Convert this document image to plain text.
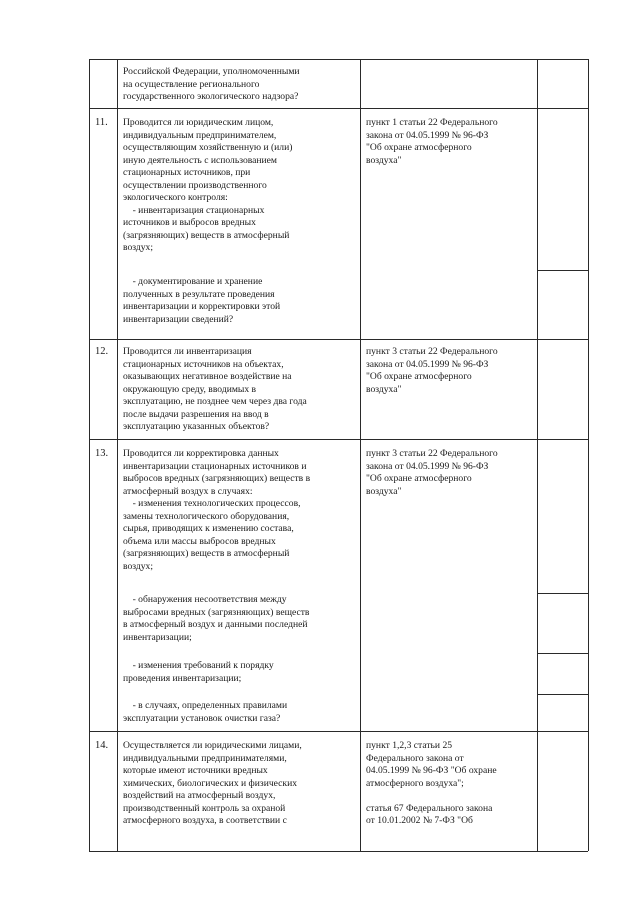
Российской Федерации, уполномоченными
на осуществление регионального
государственного экологического надзора?
11. Проводится ли юридическим лицом,
индивидуальным предпринимателем,
осуществляющим хозяйственную и (или)
иную деятельность с использованием
стационарных источников, при
осуществлении производственного
экологического контроля:
- инвентаризация стационарных
источников и выбросов вредных
(загрязняющих) веществ в атмосферный
воздух;
- документирование и хранение
полученных в результате проведения
инвентаризации и корректировки этой
инвентаризации сведений?
пункт 1 статьи 22 Федерального
закона от 04.05.1999 № 96-ФЗ
"Об охране атмосферного
воздуха"
12. Проводится ли инвентаризация
стационарных источников на объектах,
оказывающих негативное воздействие на
окружающую среду, вводимых в
эксплуатацию, не позднее чем через два года
после выдачи разрешения на ввод в
эксплуатацию указанных объектов?
пункт 3 статьи 22 Федерального
закона от 04.05.1999 № 96-ФЗ
"Об охране атмосферного
воздуха"
13. Проводится ли корректировка данных
инвентаризации стационарных источников и
выбросов вредных (загрязняющих) веществ в
атмосферный воздух в случаях:
- изменения технологических процессов,
замены технологического оборудования,
сырья, приводящих к изменению состава,
объема или массы выбросов вредных
(загрязняющих) веществ в атмосферный
воздух;
- обнаружения несоответствия между
выбросами вредных (загрязняющих) веществ
в атмосферный воздух и данными последней
инвентаризации;
- изменения требований к порядку
проведения инвентаризации;
- в случаях, определенных правилами
эксплуатации установок очистки газа?
пункт 3 статьи 22 Федерального
закона от 04.05.1999 № 96-ФЗ
"Об охране атмосферного
воздуха"
14. Осуществляется ли юридическими лицами,
индивидуальными предпринимателями,
которые имеют источники вредных
химических, биологических и физических
воздействий на атмосферный воздух,
производственный контроль за охраной
атмосферного воздуха, в соответствии с
пункт 1,2,3 статьи 25
Федерального закона от
04.05.1999 № 96-ФЗ "Об охране
атмосферного воздуха";
статья 67 Федерального закона
от 10.01.2002 № 7-ФЗ "Об
